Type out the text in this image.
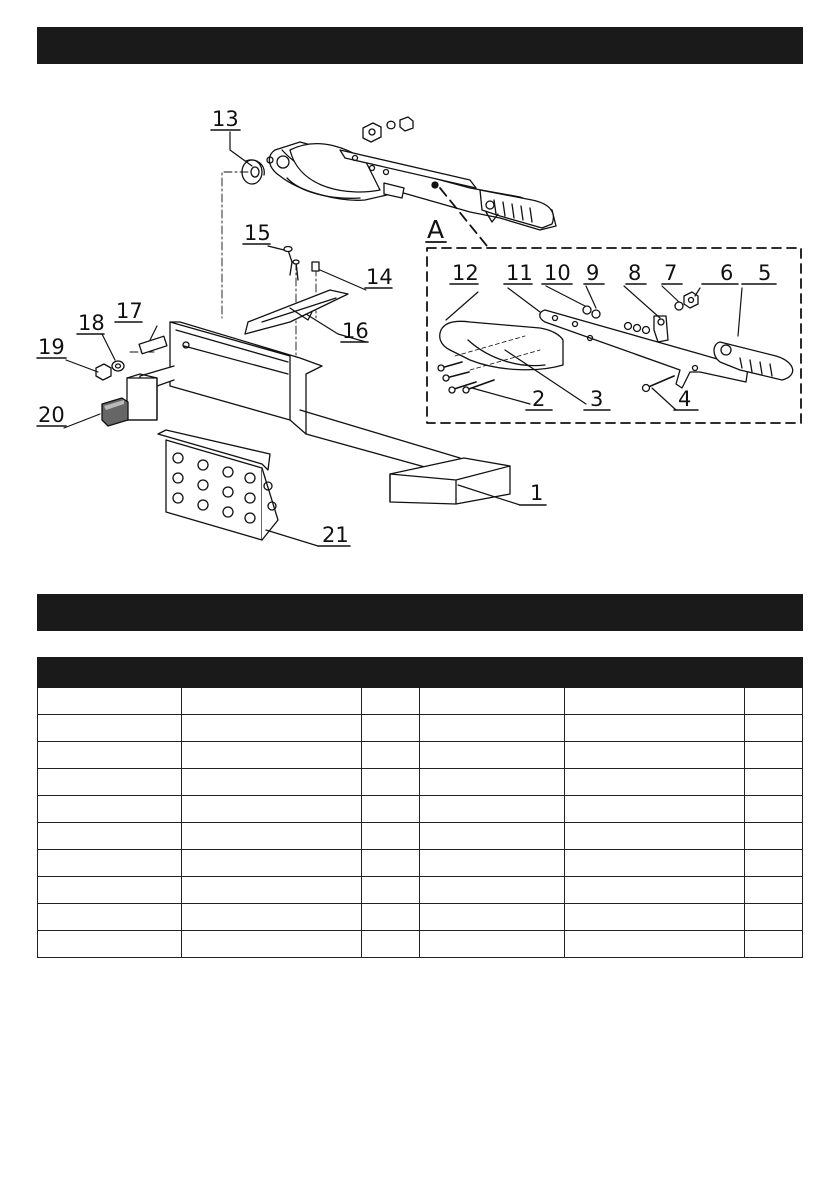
13
15
14
16
17
18
19
20
1
21
A
12 11 10 9 8 7 6 5
2 3	4
